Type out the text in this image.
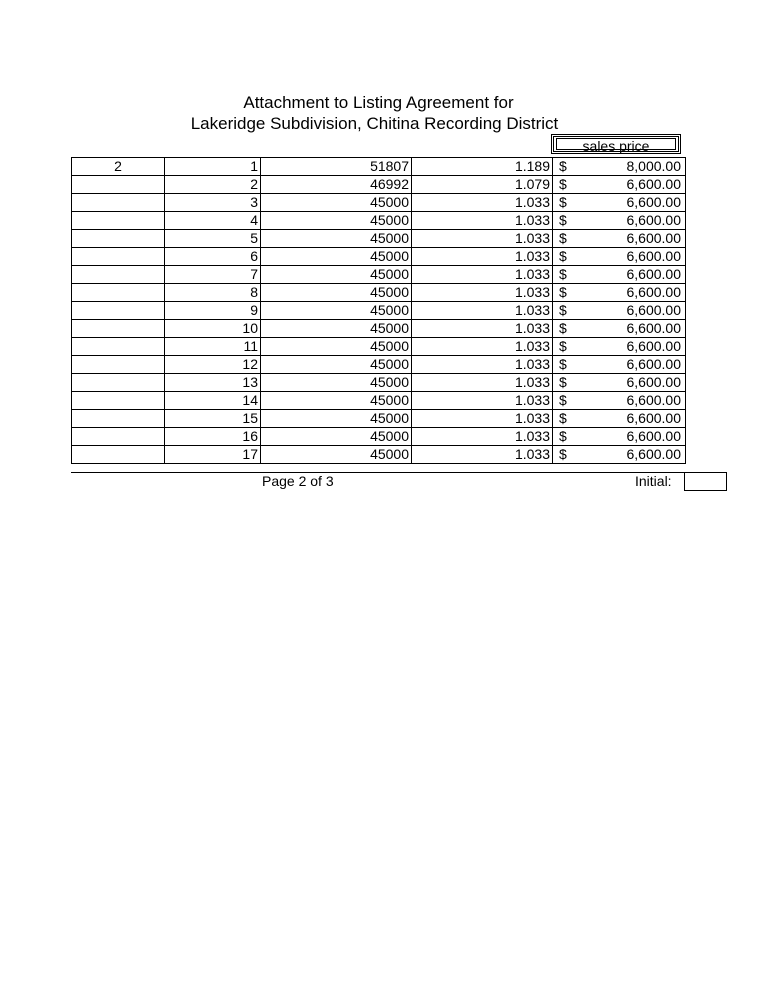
Attachment to Listing Agreement for
Lakeridge Subdivision, Chitina Recording District
sales price
2	1	51807	1.189	$ 8,000.00

	2	46992	1.079	$ 6,600.00

	3	45000	1.033	$ 6,600.00

	4	45000	1.033	$ 6,600.00

	5	45000	1.033	$ 6,600.00

	6	45000	1.033	$ 6,600.00

	7	45000	1.033	$ 6,600.00

	8	45000	1.033	$ 6,600.00

	9	45000	1.033	$ 6,600.00

	10	45000	1.033	$ 6,600.00

	11	45000	1.033	$ 6,600.00

	12	45000	1.033	$ 6,600.00

	13	45000	1.033	$ 6,600.00

	14	45000	1.033	$ 6,600.00

	15	45000	1.033	$ 6,600.00

	16	45000	1.033	$ 6,600.00

	17	45000	1.033	$ 6,600.00
Page 2 of 3	Initial:
